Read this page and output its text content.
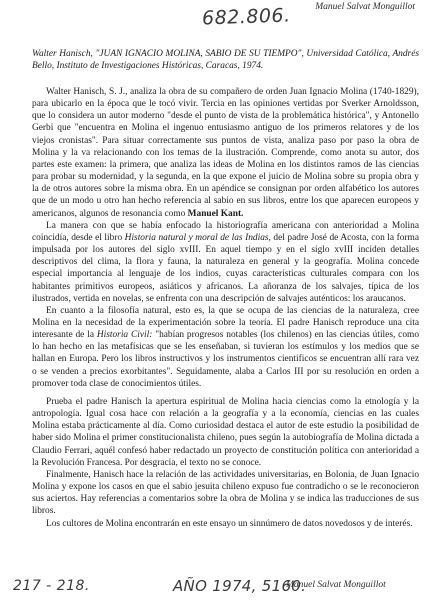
682.806.	Manuel Salvat Monguillot
Walter Hanisch, "JUAN IGNACIO MOLINA, SABIO DE SU TIEMPO", Universidad Católica, Andrés Bello, Instituto de Investigaciones Históricas, Caracas, 1974.

Walter Hanisch, S. J., analiza la obra de su compañero de orden Juan Ignacio Molina (1740-1829), para ubicarlo en la época que le tocó vivir. Tercia en las opiniones vertidas por Sverker Arnoldsson, que lo considera un autor moderno "desde el punto de vista de la problemática histórica", y Antonello Gerbi que "encuentra en Molina el ingenuo entusiasmo antiguo de los primeros relatores y de los viejos cronistas". Para situar correctamente sus puntos de vista, analiza paso por paso la obra de Molina y la va relacionando con los temas de la ilustración. Comprende, como anota su autor, dos partes este examen: la primera, que analiza las ideas de Molina en los distintos ramos de las ciencias para probar su modernidad, y la segunda, en la que expone el juicio de Molina sobre su propia obra y la de otros autores sobre la misma obra. En un apéndice se consignan por orden alfabético los autores que de un modo u otro han hecho referencia al sabio en sus libros, entre los que aparecen europeos y americanos, algunos de resonancia como Manuel Kant.

La manera con que se había enfocado la historiografía americana con anterioridad a Molina coincidía, desde el libro Historia natural y moral de las Indias, del padre José de Acosta, con la forma impulsada por los autores del siglo xvIII. En aquel tiempo y en el siglo xvIII inciden detalles descriptivos del clima, la flora y fauna, la naturaleza en general y la geografía. Molina concede especial importancia al lenguaje de los indios, cuyas características culturales compara con los habitantes primitivos europeos, asiáticos y africanos. La añoranza de los salvajes, típica de los ilustrados, vertida en novelas, se enfrenta con una descripción de salvajes auténticos: los araucanos.

En cuanto a la filosofía natural, esto es, la que se ocupa de las ciencias de la naturaleza, cree Molina en la necesidad de la experimentación sobre la teoría. El padre Hanisch reproduce una cita interesante de la Historia Civil: "habían progresos notables (los chilenos) en las ciencias útiles, como lo han hecho en las metafísicas que se les enseñaban, si tuvieran los estímulos y los medios que se hallan en Europa. Pero los libros instructivos y los instrumentos científicos se encuentran allí rara vez o se venden a precios exorbitantes". Seguidamente, alaba a Carlos III por su resolución en orden a promover toda clase de conocimientos útiles.

Prueba el padre Hanisch la apertura espiritual de Molina hacia ciencias como la etnología y la antropología. Igual cosa hace con relación a la geografía y a la economía, ciencias en las cuales Molina estaba prácticamente al día. Como curiosidad destaca el autor de este estudio la posibilidad de haber sido Molina el primer constitucionalista chileno, pues según la autobiografía de Molina dictada a Claudio Ferrari, aquél confesó haber redactado un proyecto de constitución política con anterioridad a la Revolución Francesa. Por desgracia, el texto no se conoce.

Finalmente, Hanisch hace la relación de las actividades universitarias, en Bolonia, de Juan Ignacio Molina y expone los casos en que el sabio jesuita chileno expuso fue contradicho o se le reconocieron sus aciertos. Hay referencias a comentarios sobre la obra de Molina y se indica las traducciones de sus libros.

Los cultores de Molina encontrarán en este ensayo un sinnúmero de datos novedosos y de interés.

217 - 218.	AÑO 1974, 5160.
Manuel Salvat Monguillot
